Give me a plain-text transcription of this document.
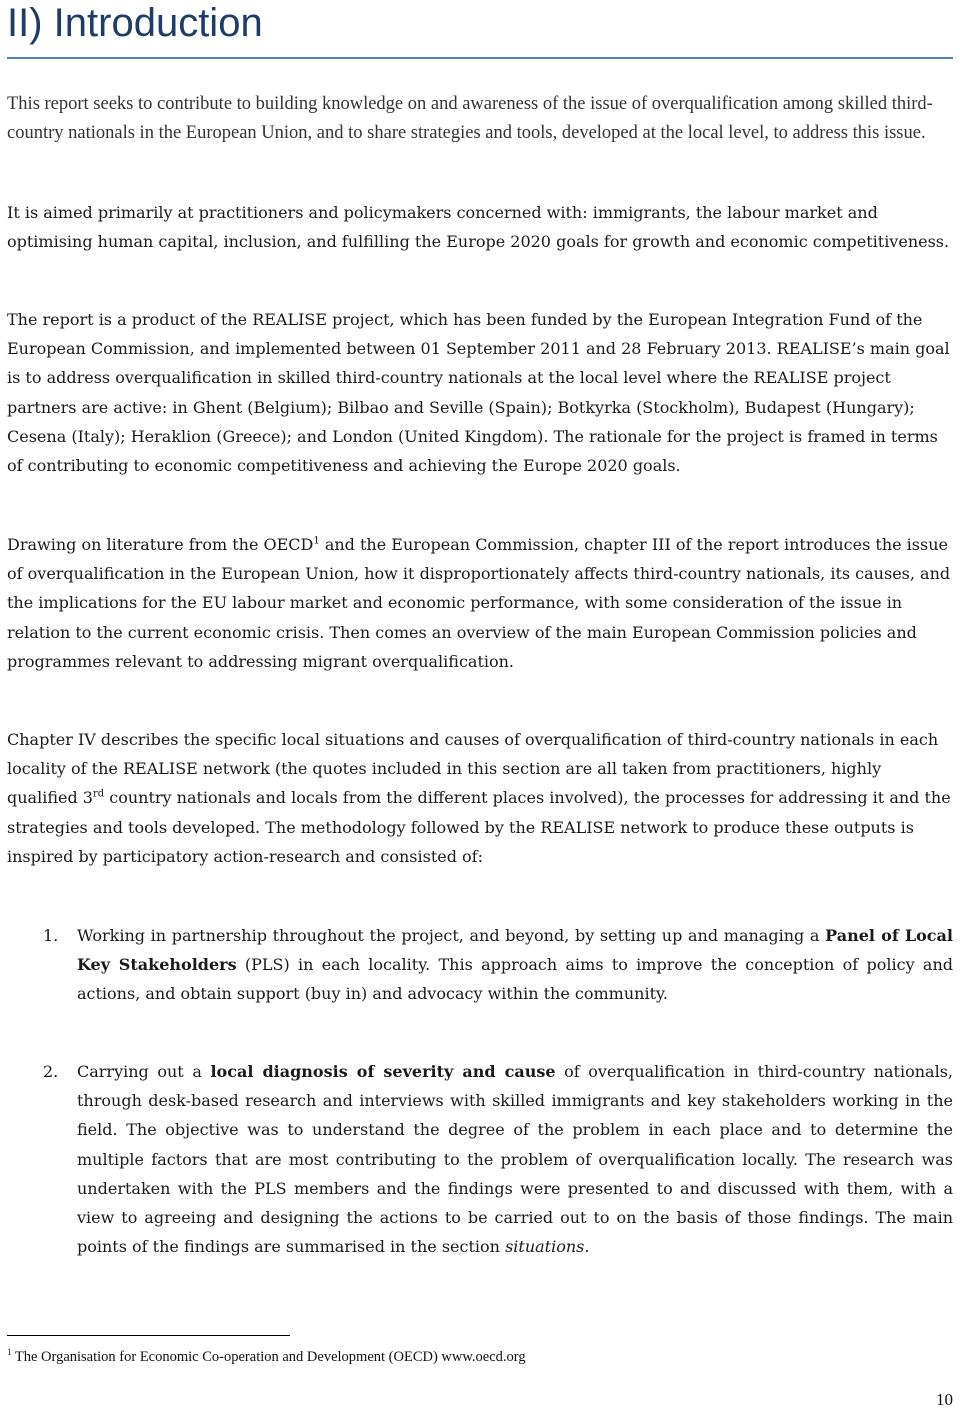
II) Introduction

This report seeks to contribute to building knowledge on and awareness of the issue of overqualification among skilled third-country nationals in the European Union, and to share strategies and tools, developed at the local level, to address this issue.

It is aimed primarily at practitioners and policymakers concerned with: immigrants, the labour market and optimising human capital, inclusion, and fulfilling the Europe 2020 goals for growth and economic competitiveness.

The report is a product of the REALISE project, which has been funded by the European Integration Fund of the European Commission, and implemented between 01 September 2011 and 28 February 2013. REALISE’s main goal is to address overqualification in skilled third-country nationals at the local level where the REALISE project partners are active: in Ghent (Belgium); Bilbao and Seville (Spain); Botkyrka (Stockholm), Budapest (Hungary); Cesena (Italy); Heraklion (Greece); and London (United Kingdom). The rationale for the project is framed in terms of contributing to economic competitiveness and achieving the Europe 2020 goals.

Drawing on literature from the OECD$^1$ and the European Commission, chapter III of the report introduces the issue of overqualification in the European Union, how it disproportionately affects third-country nationals, its causes, and the implications for the EU labour market and economic performance, with some consideration of the issue in relation to the current economic crisis. Then comes an overview of the main European Commission policies and programmes relevant to addressing migrant overqualification.

Chapter IV describes the specific local situations and causes of overqualification of third-country nationals in each locality of the REALISE network (the quotes included in this section are all taken from practitioners, highly qualified 3rd country nationals and locals from the different places involved), the processes for addressing it and the strategies and tools developed. The methodology followed by the REALISE network to produce these outputs is inspired by participatory action-research and consisted of:

1. Working in partnership throughout the project, and beyond, by setting up and managing a Panel of Local Key Stakeholders (PLS) in each locality. This approach aims to improve the conception of policy and actions, and obtain support (buy in) and advocacy within the community.

2. Carrying out a local diagnosis of severity and cause of overqualification in third-country nationals, through desk-based research and interviews with skilled immigrants and key stakeholders working in the field. The objective was to understand the degree of the problem in each place and to determine the multiple factors that are most contributing to the problem of overqualification locally. The research was undertaken with the PLS members and the findings were presented to and discussed with them, with a view to agreeing and designing the actions to be carried out to on the basis of those findings. The main points of the findings are summarised in the section situations.

$^1$ The Organisation for Economic Co-operation and Development (OECD) www.oecd.org

10
